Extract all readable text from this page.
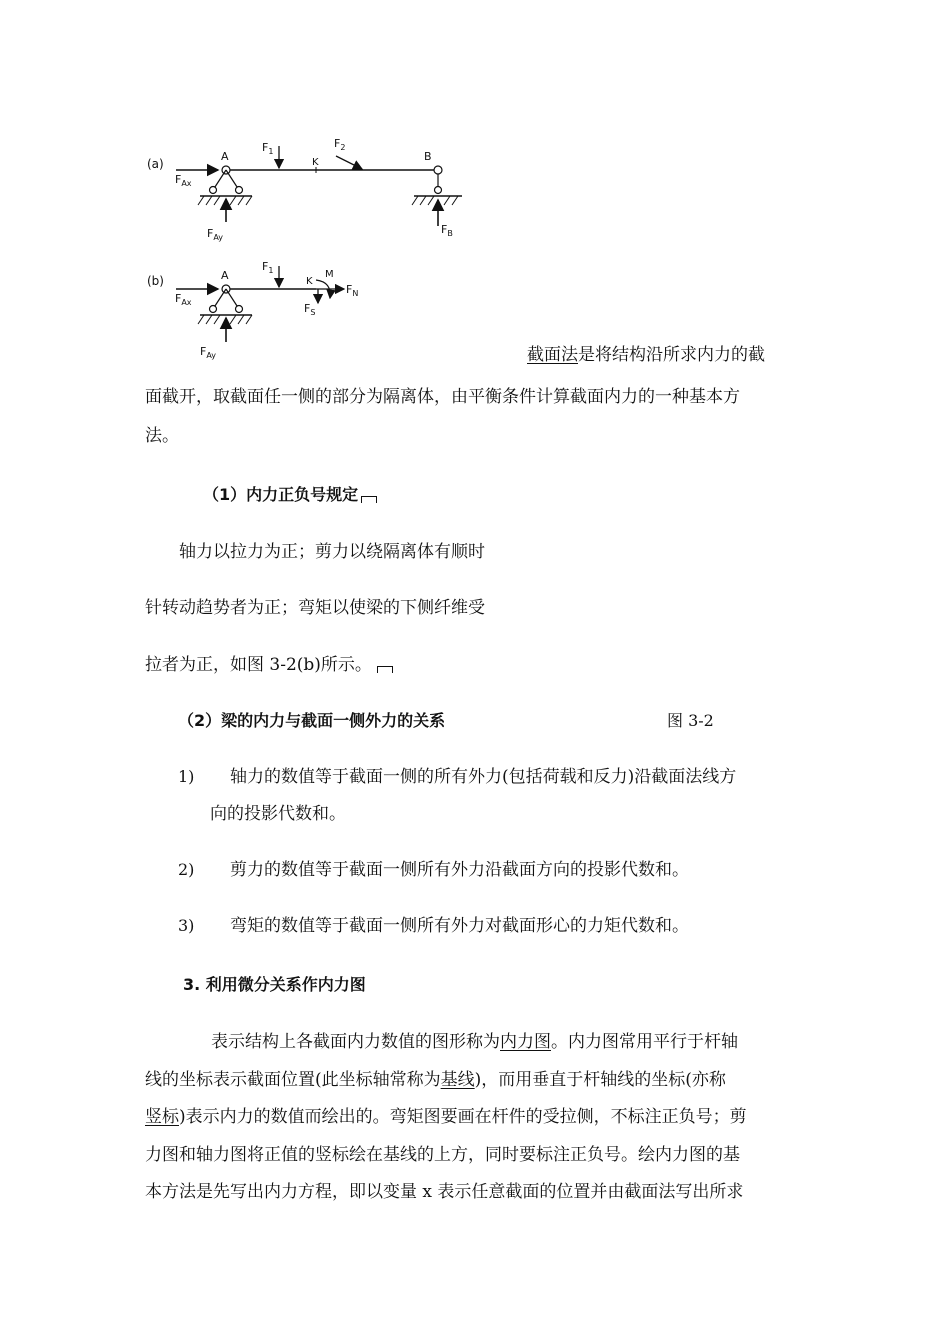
(a)
A	B
K
$F_1$
$F_2$
$F_{Ax}$
$F_{Ay}$
$F_B$
(b)	A	K
$F_1$
$F_{Ax}$
$F_{Ay}$
M
$F_S$
$F_N$
截面法是将结构沿所求内力的截
面截开，取截面任一侧的部分为隔离体，由平衡条件计算截面内力的一种基本方
法。
（1）内力正负号规定
轴力以拉力为正；剪力以绕隔离体有顺时
针转动趋势者为正；弯矩以使梁的下侧纤维受
拉者为正，如图 3-2(b)所示。
（2）梁的内力与截面一侧外力的关系	图 3-2
1) 轴力的数值等于截面一侧的所有外力(包括荷载和反力)沿截面法线方
向的投影代数和。
2) 剪力的数值等于截面一侧所有外力沿截面方向的投影代数和。
3) 弯矩的数值等于截面一侧所有外力对截面形心的力矩代数和。
3. 利用微分关系作内力图
表示结构上各截面内力数值的图形称为内力图。内力图常用平行于杆轴
线的坐标表示截面位置(此坐标轴常称为基线)，而用垂直于杆轴线的坐标(亦称
竖标)表示内力的数值而绘出的。弯矩图要画在杆件的受拉侧，不标注正负号；剪
力图和轴力图将正值的竖标绘在基线的上方，同时要标注正负号。绘内力图的基
本方法是先写出内力方程，即以变量 x 表示任意截面的位置并由截面法写出所求
